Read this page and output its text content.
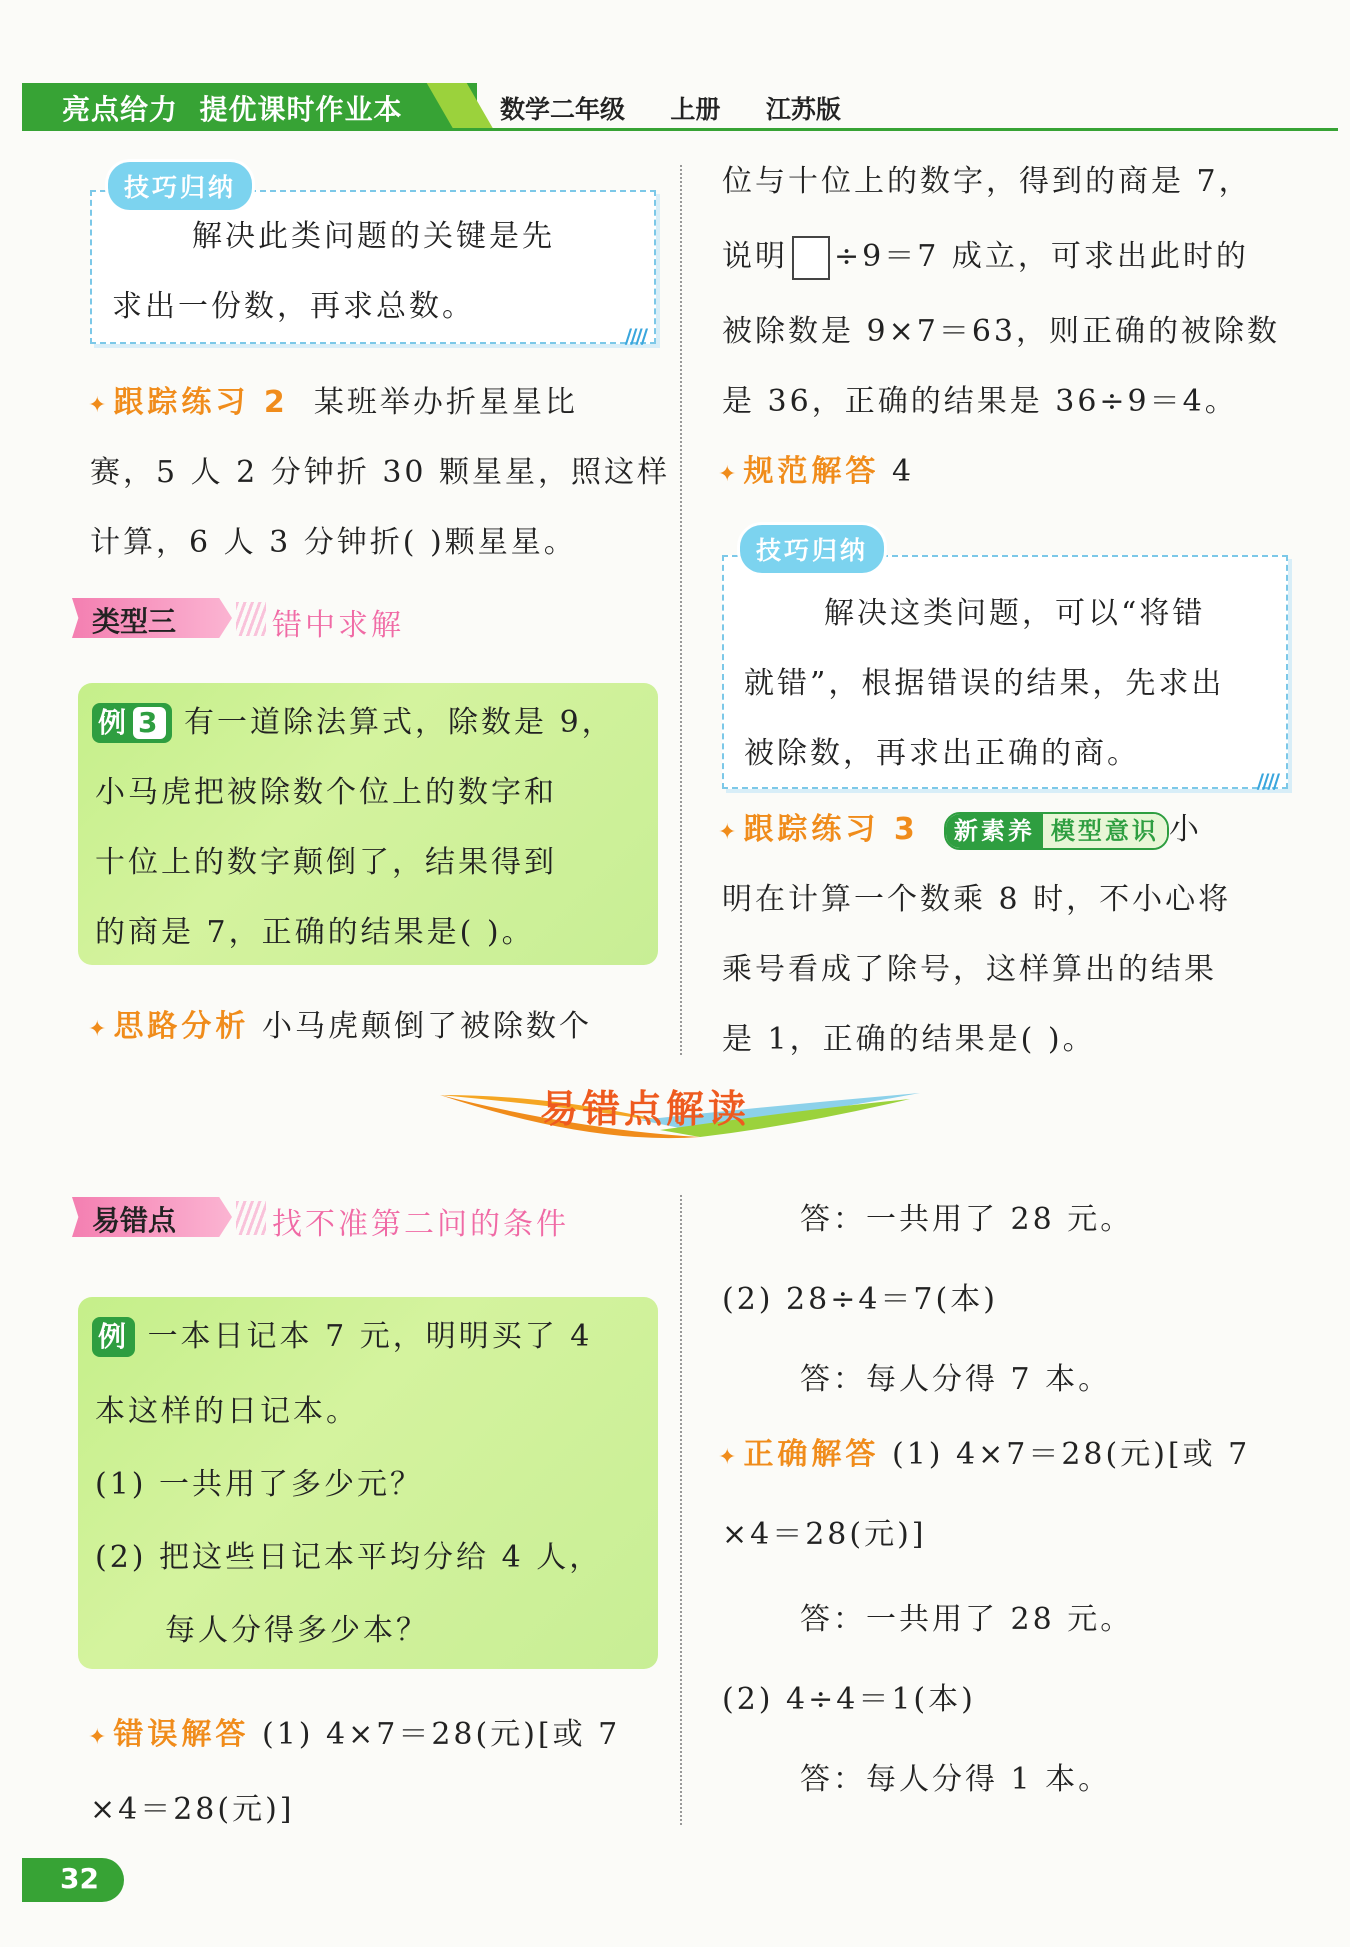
亮点给力  提优课时作业本	数学二年级  上册  江苏版
解决此类问题的关键是先
求出一份数，再求总数。
////
技巧归纳
✦ 跟踪练习 2 某班举办折星星比
赛，5 人 2 分钟折 30 颗星星，照这样
计算，6 人 3 分钟折( )颗星星。
类型三	错中求解
例 3 有一道除法算式，除数是 9，
小马虎把被除数个位上的数字和
十位上的数字颠倒了，结果得到
的商是 7，正确的结果是( )。
✦ 思路分析 小马虎颠倒了被除数个
位与十位上的数字，得到的商是 7，
说明 ÷9＝7 成立，可求出此时的
被除数是 9×7＝63，则正确的被除数
是 36，正确的结果是 36÷9＝4。
✦ 规范解答 4
解决这类问题，可以“将错
就错”，根据错误的结果，先求出
被除数，再求出正确的商。
////
技巧归纳
✦ 跟踪练习 3	新素养 模型意识 小
明在计算一个数乘 8 时，不小心将
乘号看成了除号，这样算出的结果
是 1，正确的结果是( )。
易错点解读
易错点	找不准第二问的条件
例 一本日记本 7 元，明明买了 4
本这样的日记本。
(1) 一共用了多少元？
(2) 把这些日记本平均分给 4 人，
每人分得多少本？
✦ 错误解答 (1) 4×7＝28(元)[或 7
×4＝28(元)]
答：一共用了 28 元。
(2) 28÷4＝7(本)
答：每人分得 7 本。
✦ 正确解答 (1) 4×7＝28(元)[或 7
×4＝28(元)]
答：一共用了 28 元。
(2) 4÷4＝1(本)
答：每人分得 1 本。
32
